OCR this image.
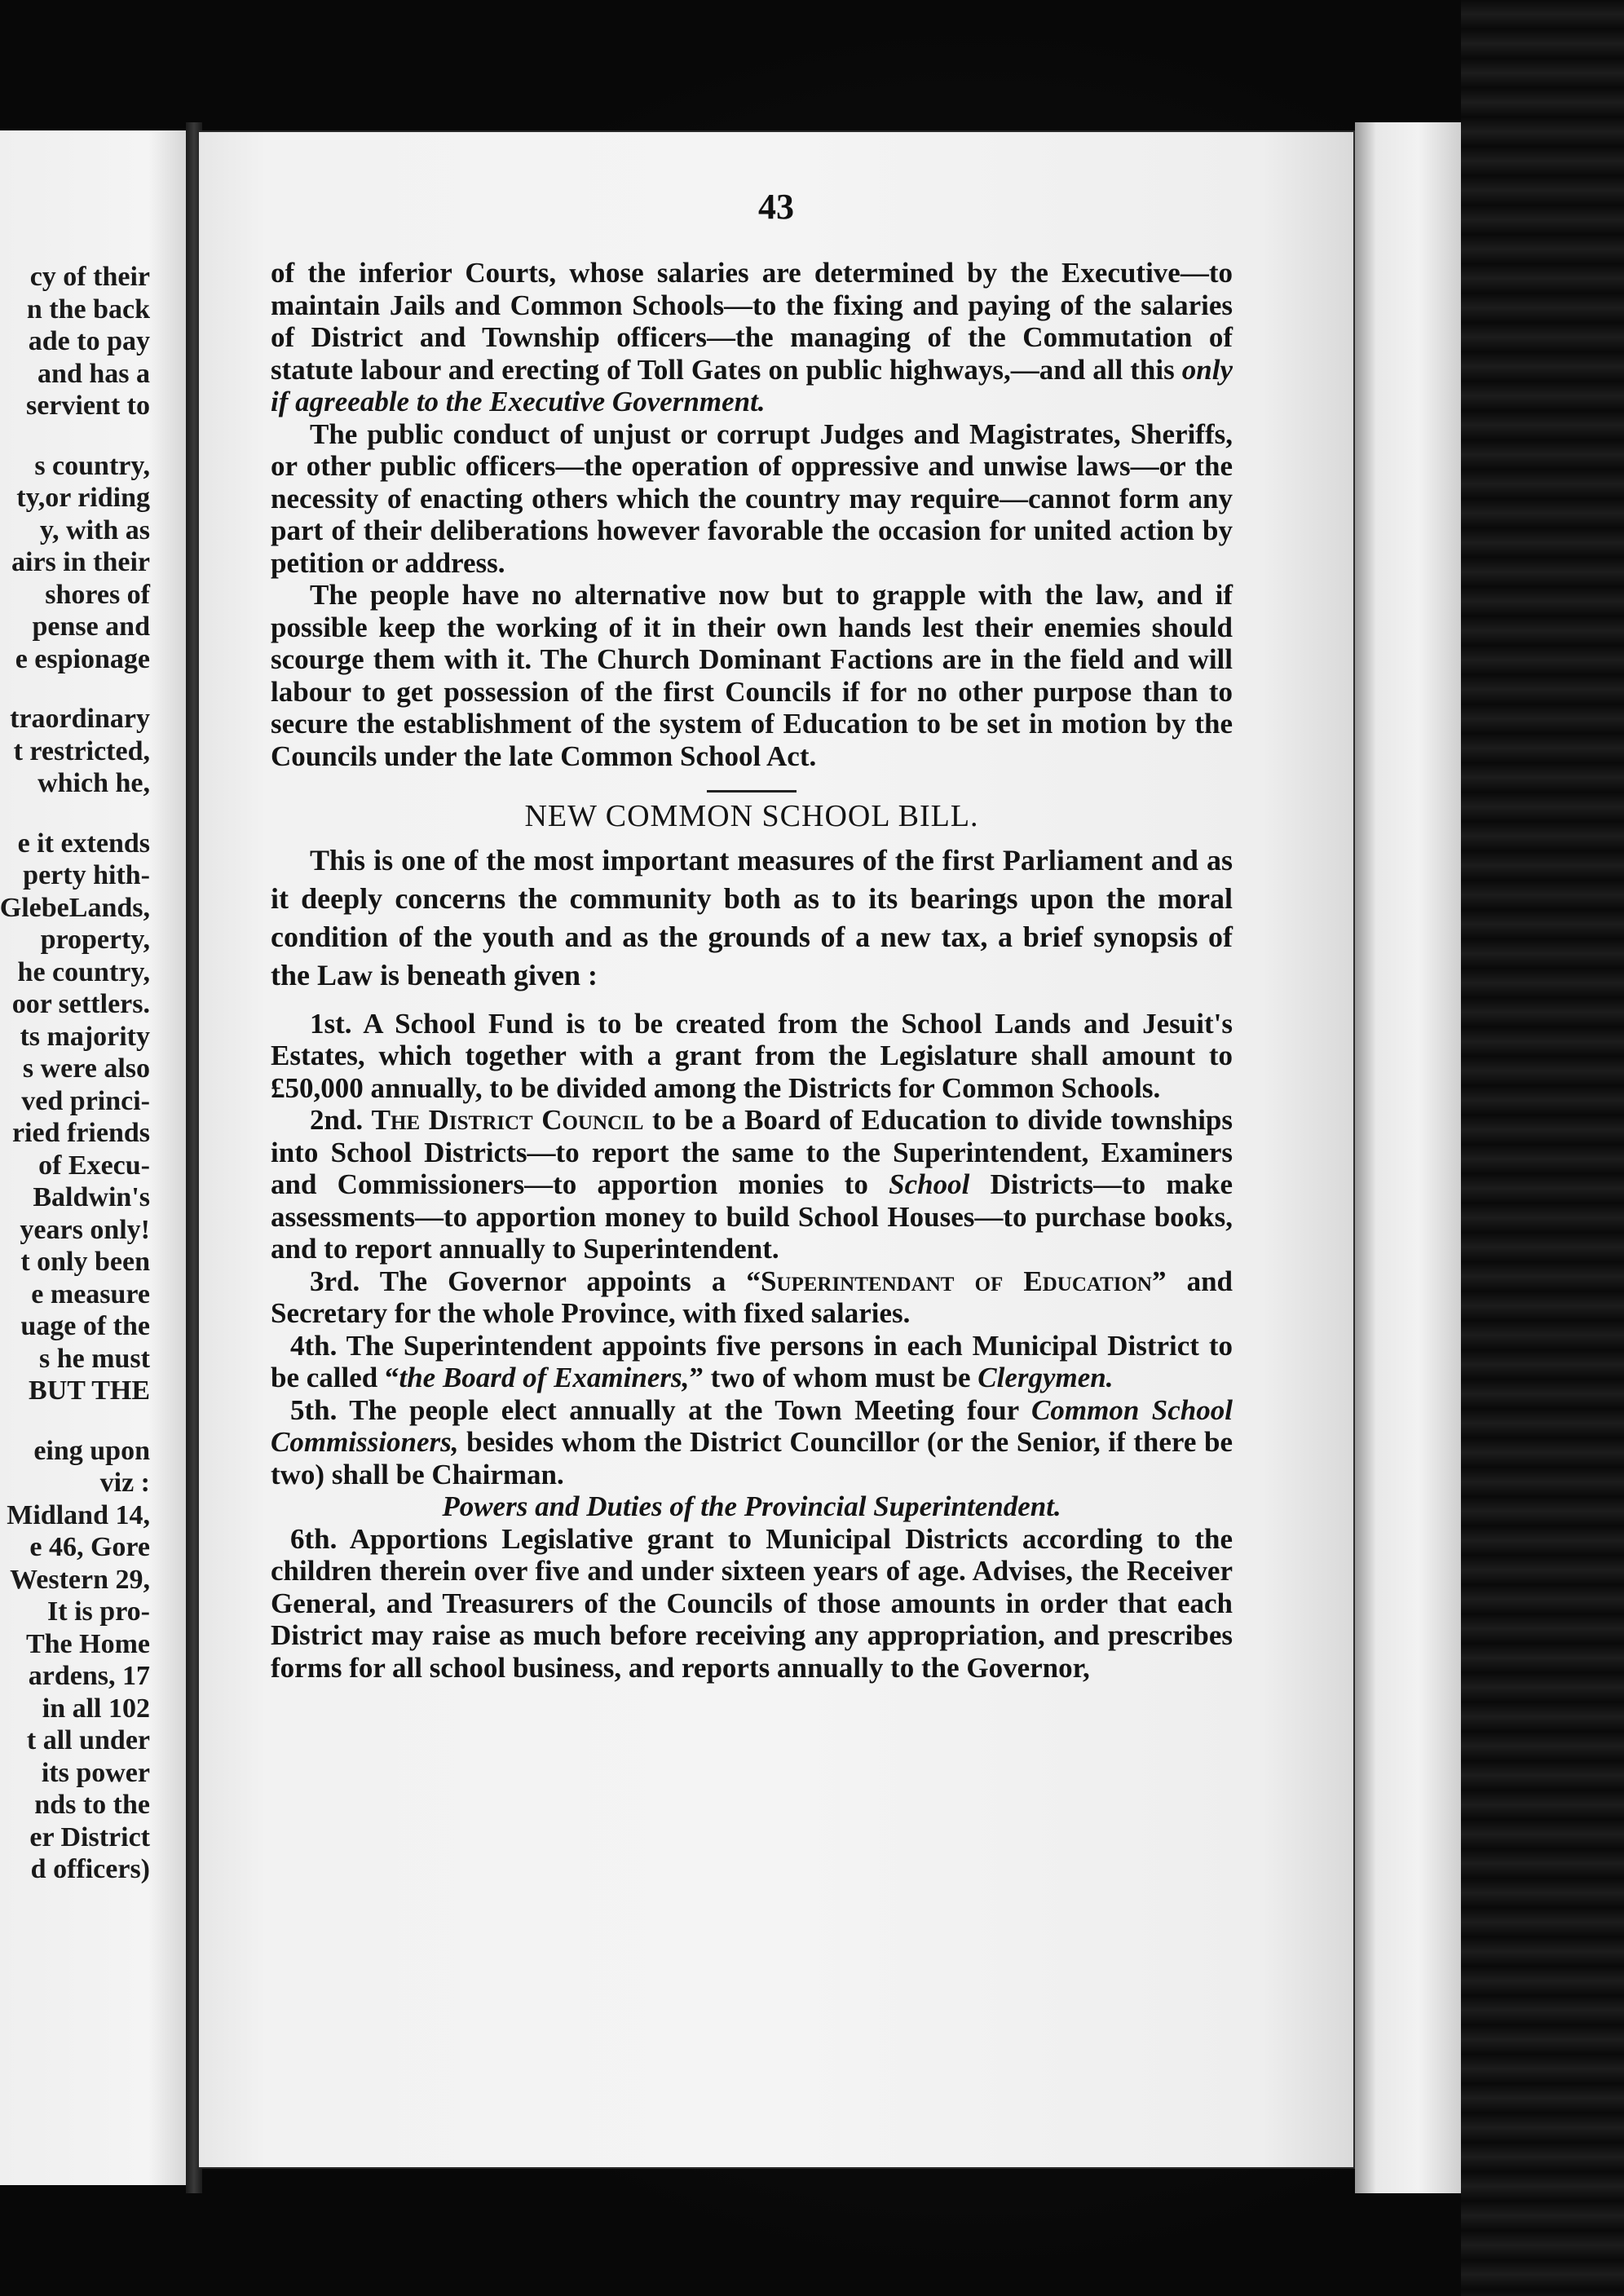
cy of their
n the back
ade to pay
and has a
servient to
s country,
ty,or riding
y, with as
airs in their
shores of
pense and
e espionage
traordinary
t restricted,
which he,
e it extends
perty hith-
GlebeLands,
property,
he country,
oor settlers.
ts majority
s were also
ved princi-
ried friends
of Execu-
Baldwin's
years only!
t only been
e measure
uage of the
s he must
BUT THE
eing upon
viz :
Midland 14,
e 46, Gore
Western 29,
It is pro-
The Home
ardens, 17
in all 102
t all under
its power
nds to the
er District
d officers)
43

of the inferior Courts, whose salaries are determined by the Executive—to maintain Jails and Common Schools—to the fixing and paying of the salaries of District and Township officers—the managing of the Commutation of statute labour and erecting of Toll Gates on public highways,—and all this only if agreeable to the Executive Government.

The public conduct of unjust or corrupt Judges and Magistrates, Sheriffs, or other public officers—the operation of oppressive and unwise laws—or the necessity of enacting others which the country may require—cannot form any part of their deliberations however favorable the occasion for united action by petition or address.

The people have no alternative now but to grapple with the law, and if possible keep the working of it in their own hands lest their enemies should scourge them with it. The Church Dominant Factions are in the field and will labour to get possession of the first Councils if for no other purpose than to secure the establishment of the system of Education to be set in motion by the Councils under the late Common School Act.

NEW COMMON SCHOOL BILL.

This is one of the most important measures of the first Parliament and as it deeply concerns the community both as to its bearings upon the moral condition of the youth and as the grounds of a new tax, a brief synopsis of the Law is beneath given :

1st. A School Fund is to be created from the School Lands and Jesuit's Estates, which together with a grant from the Legislature shall amount to £50,000 annually, to be divided among the Districts for Common Schools.

2nd. The District Council to be a Board of Education to divide townships into School Districts—to report the same to the Superintendent, Examiners and Commissioners—to apportion monies to School Districts—to make assessments—to apportion money to build School Houses—to purchase books, and to report annually to Superintendent.

3rd. The Governor appoints a “Superintendant of Education” and Secretary for the whole Province, with fixed salaries.

4th. The Superintendent appoints five persons in each Municipal District to be called “the Board of Examiners,” two of whom must be Clergymen.

5th. The people elect annually at the Town Meeting four Common School Commissioners, besides whom the District Councillor (or the Senior, if there be two) shall be Chairman.

Powers and Duties of the Provincial Superintendent.

6th. Apportions Legislative grant to Municipal Districts according to the children therein over five and under sixteen years of age. Advises, the Receiver General, and Treasurers of the Councils of those amounts in order that each District may raise as much before receiving any appropriation, and prescribes forms for all school business, and reports annually to the Governor,
